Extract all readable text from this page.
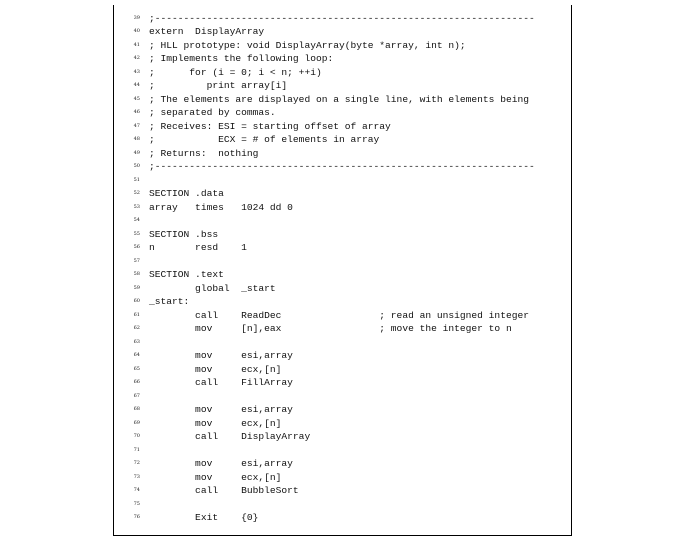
39 ;------------------------------------------------------------------
40 extern  DisplayArray
41 ; HLL prototype: void DisplayArray(byte *array, int n);
42 ; Implements the following loop:
43 ;      for (i = 0; i < n; ++i)
44 ;         print array[i]
45 ; The elements are displayed on a single line, with elements being
46 ; separated by commas.
47 ; Receives: ESI = starting offset of array
48 ;           ECX = # of elements in array
49 ; Returns:  nothing
50 ;------------------------------------------------------------------
51
52 SECTION .data
53 array   times   1024 dd 0
54
55 SECTION .bss
56 n       resd    1
57
58 SECTION .text
59 global  _start
60 _start:
61 call    ReadDec                 ; read an unsigned integer
62 mov     [n],eax                 ; move the integer to n
63
64 mov     esi,array
65 mov     ecx,[n]
66 call    FillArray
67
68 mov     esi,array
69 mov     ecx,[n]
70 call    DisplayArray
71
72 mov     esi,array
73 mov     ecx,[n]
74 call    BubbleSort
75
76 Exit    {0}
